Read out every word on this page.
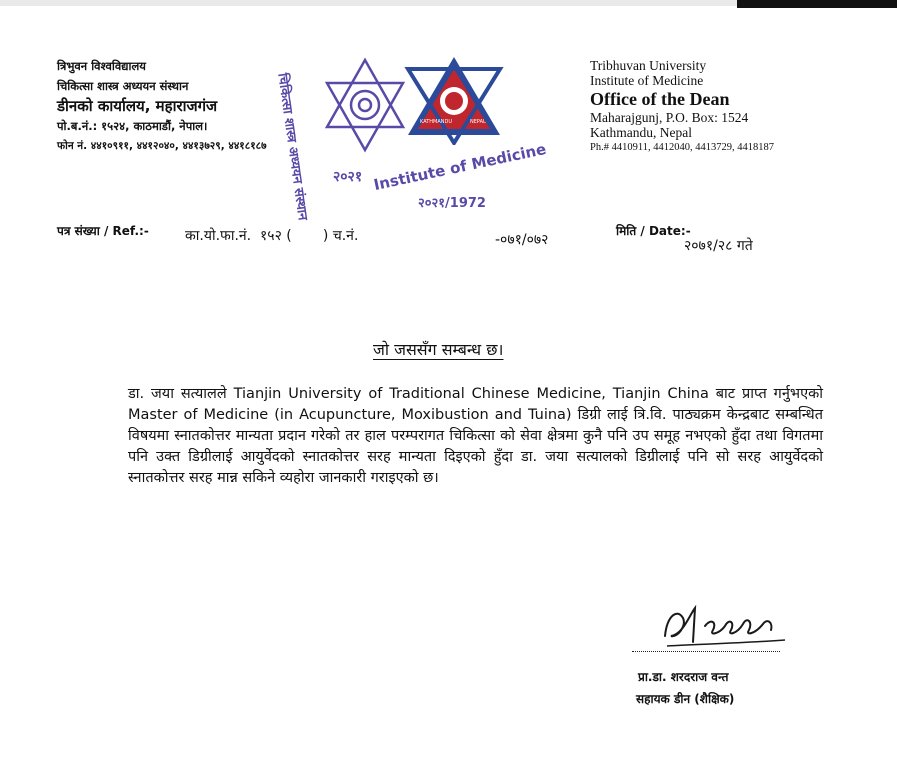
त्रिभुवन विश्वविद्यालय
चिकित्सा शास्त्र अध्ययन संस्थान
डीनको कार्यालय, महाराजगंज
पो.ब.नं.: १५२४, काठमाडौं, नेपाल।
फोन नं. ४४१०९११, ४४१२०४०, ४४१३७२९, ४४१८१८७
२०२१
KATHMANDU	NEPAL
चिकित्सा शास्त्र अध्ययन संस्थान	Institute of Medicine
२०२१/1972
Tribhuvan University
Institute of Medicine
Office of the Dean
Maharajgunj, P.O. Box: 1524
Kathmandu, Nepal
Ph.# 4410911, 4412040, 4413729, 4418187
पत्र संख्या / Ref.:-	का.यो.फा.नं.  १५२ (       ) च.नं.	-०७१/०७२
मिति / Date:-
२०७१/२८ गते
जो जससँग सम्बन्ध छ।

डा. जया सत्यालले Tianjin University of Traditional Chinese Medicine, Tianjin China बाट प्राप्त गर्नुभएको Master of Medicine (in Acupuncture, Moxibustion and Tuina) डिग्री लाई त्रि.वि. पाठ्यक्रम केन्द्रबाट सम्बन्धित विषयमा स्नातकोत्तर मान्यता प्रदान गरेको तर हाल परम्परागत चिकित्सा को सेवा क्षेत्रमा कुनै पनि उप समूह नभएको हुँदा तथा विगतमा पनि उक्त डिग्रीलाई आयुर्वेदको स्नातकोत्तर सरह मान्यता दिइएको हुँदा डा. जया सत्यालको डिग्रीलाई पनि सो सरह आयुर्वेदको स्नातकोत्तर सरह मान्न सकिने व्यहोरा जानकारी गराइएको छ।

प्रा.डा. शरदराज वन्त
सहायक डीन (शैक्षिक)
